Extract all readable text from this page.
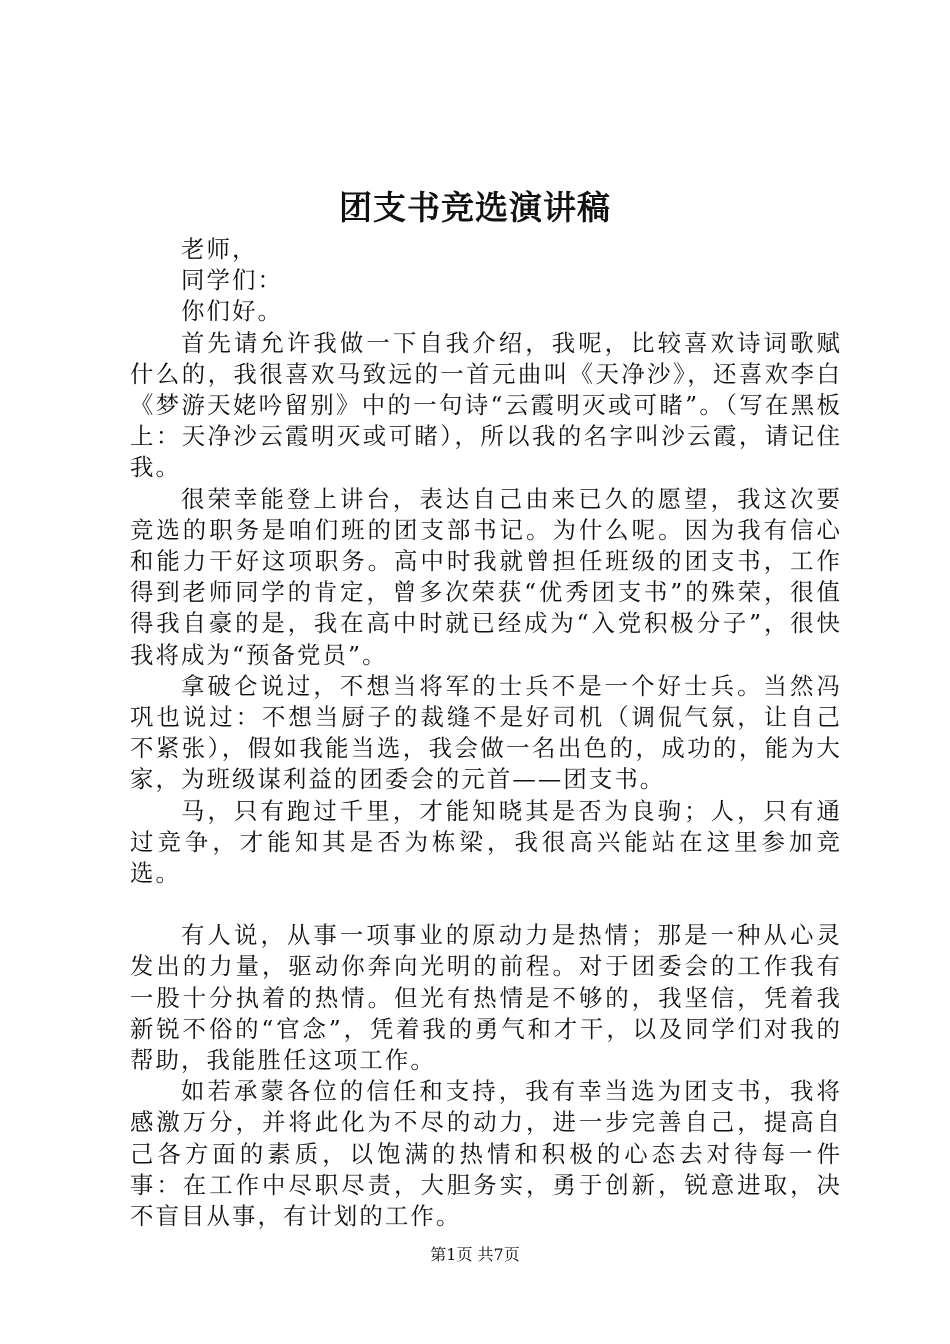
团支书竞选演讲稿

老师，

同学们：

你们好。

首先请允许我做一下自我介绍，我呢，比较喜欢诗词歌赋什么的，我很喜欢马致远的一首元曲叫《天净沙》，还喜欢李白《梦游天姥吟留别》中的一句诗“云霞明灭或可睹”。（写在黑板上：天净沙云霞明灭或可睹），所以我的名字叫沙云霞，请记住我。

很荣幸能登上讲台，表达自己由来已久的愿望，我这次要竞选的职务是咱们班的团支部书记。为什么呢。因为我有信心和能力干好这项职务。高中时我就曾担任班级的团支书，工作得到老师同学的肯定，曾多次荣获“优秀团支书”的殊荣，很值得我自豪的是，我在高中时就已经成为“入党积极分子”，很快我将成为“预备党员”。

拿破仑说过，不想当将军的士兵不是一个好士兵。当然冯巩也说过：不想当厨子的裁缝不是好司机（调侃气氛，让自己不紧张），假如我能当选，我会做一名出色的，成功的，能为大家，为班级谋利益的团委会的元首——团支书。

马，只有跑过千里，才能知晓其是否为良驹；人，只有通过竞争，才能知其是否为栋梁，我很高兴能站在这里参加竞选。

有人说，从事一项事业的原动力是热情；那是一种从心灵发出的力量，驱动你奔向光明的前程。对于团委会的工作我有一股十分执着的热情。但光有热情是不够的，我坚信，凭着我新锐不俗的“官念”，凭着我的勇气和才干，以及同学们对我的帮助，我能胜任这项工作。

如若承蒙各位的信任和支持，我有幸当选为团支书，我将感激万分，并将此化为不尽的动力，进一步完善自己，提高自己各方面的素质，以饱满的热情和积极的心态去对待每一件事：在工作中尽职尽责，大胆务实，勇于创新，锐意进取，决不盲目从事，有计划的工作。

第1页 共7页
